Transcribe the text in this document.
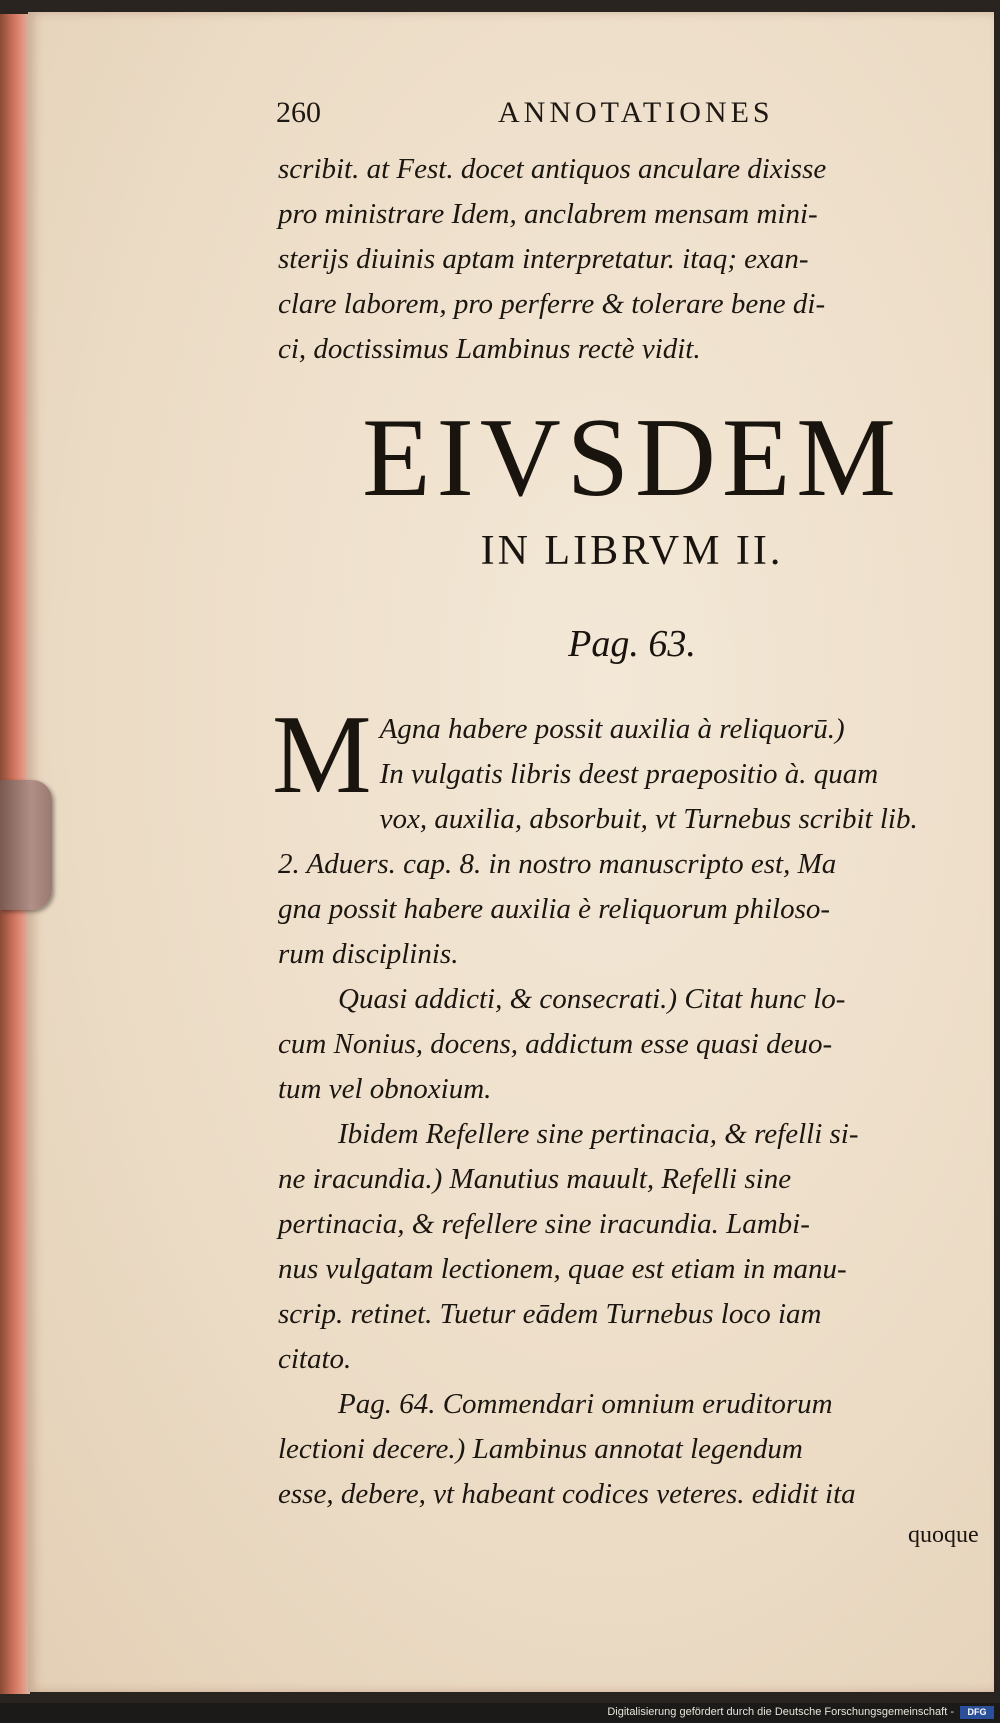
260	ANNOTATIONES
scribit. at Fest. docet antiquos anculare dixisse
pro ministrare Idem, anclabrem mensam mini-
sterijs diuinis aptam interpretatur. itaq; exan-
clare laborem, pro perferre & tolerare bene di-
ci, doctissimus Lambinus rectè vidit.
EIVSDEM
IN LIBRVM II.
Pag. 63.
M Agna habere possit auxilia à reliquorū.)
In vulgatis libris deest praepositio à. quam
vox, auxilia, absorbuit, vt Turnebus scribit lib.
2. Aduers. cap. 8. in nostro manuscripto est, Ma
gna possit habere auxilia è reliquorum philoso-
rum disciplinis.
Quasi addicti, & consecrati.) Citat hunc lo-
cum Nonius, docens, addictum esse quasi deuo-
tum vel obnoxium.
Ibidem Refellere sine pertinacia, & refelli si-
ne iracundia.) Manutius mauult, Refelli sine
pertinacia, & refellere sine iracundia. Lambi-
nus vulgatam lectionem, quae est etiam in manu-
scrip. retinet. Tuetur eādem Turnebus loco iam
citato.
Pag. 64. Commendari omnium eruditorum
lectioni decere.) Lambinus annotat legendum
esse, debere, vt habeant codices veteres. edidit ita
quoque
Digitalisierung gefördert durch die Deutsche Forschungsgemeinschaft -	DFG
